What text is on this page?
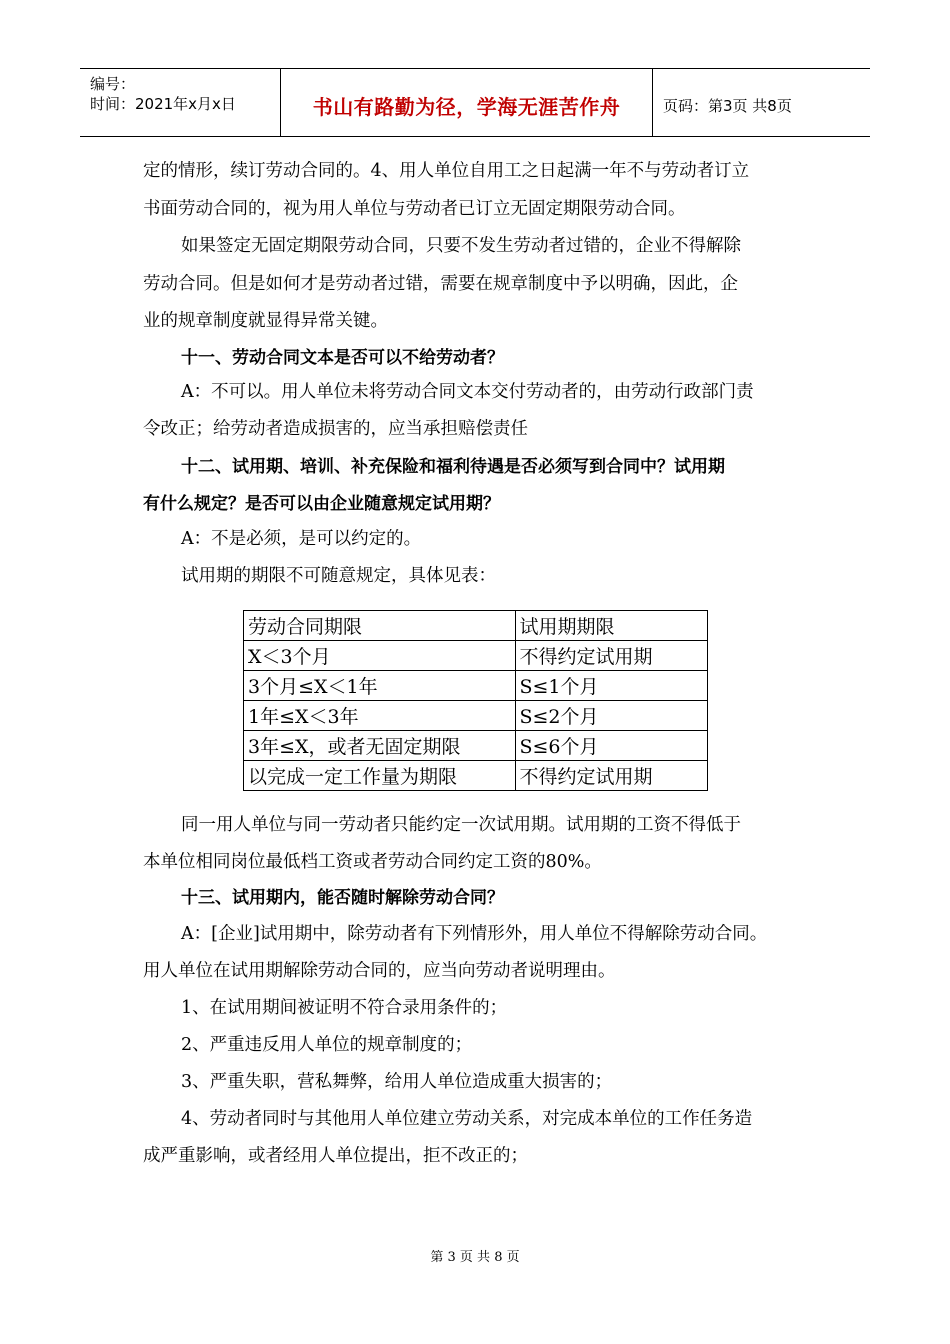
编号：
时间：2021年x月x日	书山有路勤为径，学海无涯苦作舟	页码：第3页 共8页
定的情形，续订劳动合同的。4、用人单位自用工之日起满一年不与劳动者订立
书面劳动合同的，视为用人单位与劳动者已订立无固定期限劳动合同。
如果签定无固定期限劳动合同，只要不发生劳动者过错的，企业不得解除
劳动合同。但是如何才是劳动者过错，需要在规章制度中予以明确，因此，企
业的规章制度就显得异常关键。
十一、劳动合同文本是否可以不给劳动者？
A：不可以。用人单位未将劳动合同文本交付劳动者的，由劳动行政部门责
令改正；给劳动者造成损害的，应当承担赔偿责任
十二、试用期、培训、补充保险和福利待遇是否必须写到合同中？试用期
有什么规定？是否可以由企业随意规定试用期？
A：不是必须，是可以约定的。
试用期的期限不可随意规定，具体见表：
劳动合同期限	试用期期限
X＜3个月	不得约定试用期
3个月≤X＜1年	S≤1个月
1年≤X＜3年	S≤2个月
3年≤X，或者无固定期限	S≤6个月
以完成一定工作量为期限	不得约定试用期
同一用人单位与同一劳动者只能约定一次试用期。试用期的工资不得低于
本单位相同岗位最低档工资或者劳动合同约定工资的80%。
十三、试用期内，能否随时解除劳动合同？
A：[企业]试用期中，除劳动者有下列情形外，用人单位不得解除劳动合同。
用人单位在试用期解除劳动合同的，应当向劳动者说明理由。
1、在试用期间被证明不符合录用条件的；
2、严重违反用人单位的规章制度的；
3、严重失职，营私舞弊，给用人单位造成重大损害的；
4、劳动者同时与其他用人单位建立劳动关系，对完成本单位的工作任务造
成严重影响，或者经用人单位提出，拒不改正的；
第 3 页 共 8 页
